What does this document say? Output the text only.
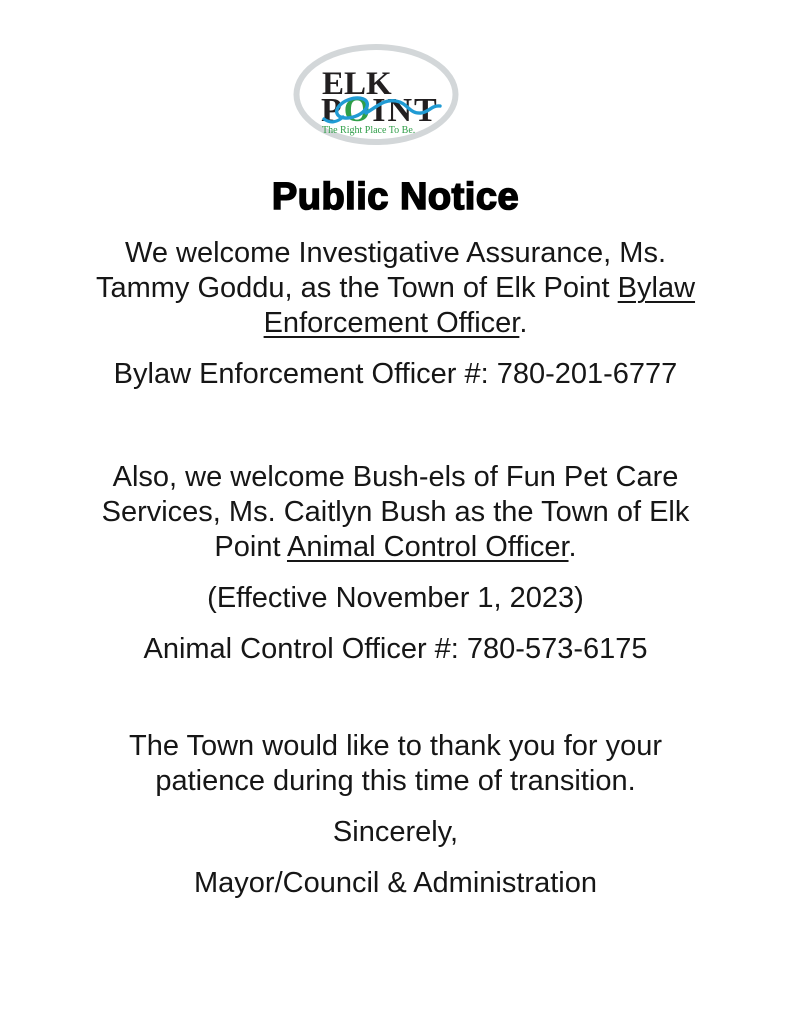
ELK
POINT
The Right Place To Be.
Public Notice

We welcome Investigative Assurance, Ms. Tammy Goddu, as the Town of Elk Point Bylaw Enforcement Officer.

Bylaw Enforcement Officer #: 780-201-6777

Also, we welcome Bush-els of Fun Pet Care Services, Ms. Caitlyn Bush as the Town of Elk Point Animal Control Officer.

(Effective November 1, 2023)

Animal Control Officer #: 780-573-6175

The Town would like to thank you for your patience during this time of transition.

Sincerely,

Mayor/Council & Administration
